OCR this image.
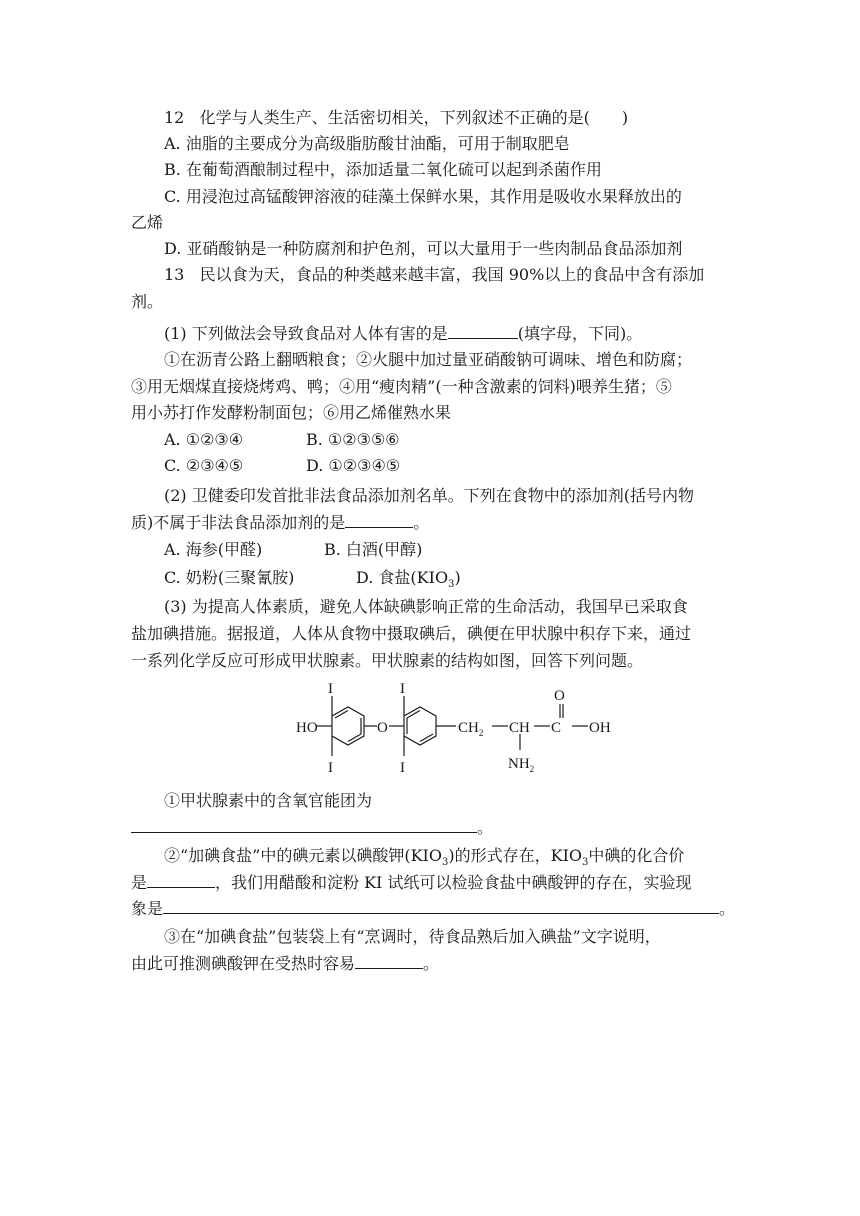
12 化学与人类生产、生活密切相关，下列叙述不正确的是(　　)
A. 油脂的主要成分为高级脂肪酸甘油酯，可用于制取肥皂
B. 在葡萄酒酿制过程中，添加适量二氧化硫可以起到杀菌作用
C. 用浸泡过高锰酸钾溶液的硅藻土保鲜水果，其作用是吸收水果释放出的
乙烯
D. 亚硝酸钠是一种防腐剂和护色剂，可以大量用于一些肉制品食品添加剂
13 民以食为天，食品的种类越来越丰富，我国 90%以上的食品中含有添加
剂。
(1) 下列做法会导致食品对人体有害的是	(填字母，下同)。
①在沥青公路上翻晒粮食；②火腿中加过量亚硝酸钠可调味、增色和防腐；
③用无烟煤直接烧烤鸡、鸭；④用“瘦肉精”(一种含激素的饲料)喂养生猪；⑤
用小苏打作发酵粉制面包；⑥用乙烯催熟水果
A. ①②③④	B. ①②③⑤⑥
C. ②③④⑤	D. ①②③④⑤
(2) 卫健委印发首批非法食品添加剂名单。下列在食物中的添加剂(括号内物
质)不属于非法食品添加剂的是	。
A. 海参(甲醛)	B. 白酒(甲醇)
C. 奶粉(三聚氰胺)	D. 食盐$(KIO_3)$
(3) 为提高人体素质，避免人体缺碘影响正常的生命活动，我国早已采取食
盐加碘措施。据报道，人体从食物中摄取碘后，碘便在甲状腺中积存下来，通过
一系列化学反应可形成甲状腺素。甲状腺素的结构如图，回答下列问题。
HO	O
I
I
I
I
$CH_2$ CH C
O
OH
$NH_2$
①甲状腺素中的含氧官能团为
。
②“加碘食盐”中的碘元素以碘酸钾$(KIO_3)$的形式存在，$KIO_3$中碘的化合价
是	，我们用醋酸和淀粉 KI 试纸可以检验食盐中碘酸钾的存在，实验现
象是	。
③在“加碘食盐”包装袋上有“烹调时，待食品熟后加入碘盐”文字说明，
由此可推测碘酸钾在受热时容易	。
